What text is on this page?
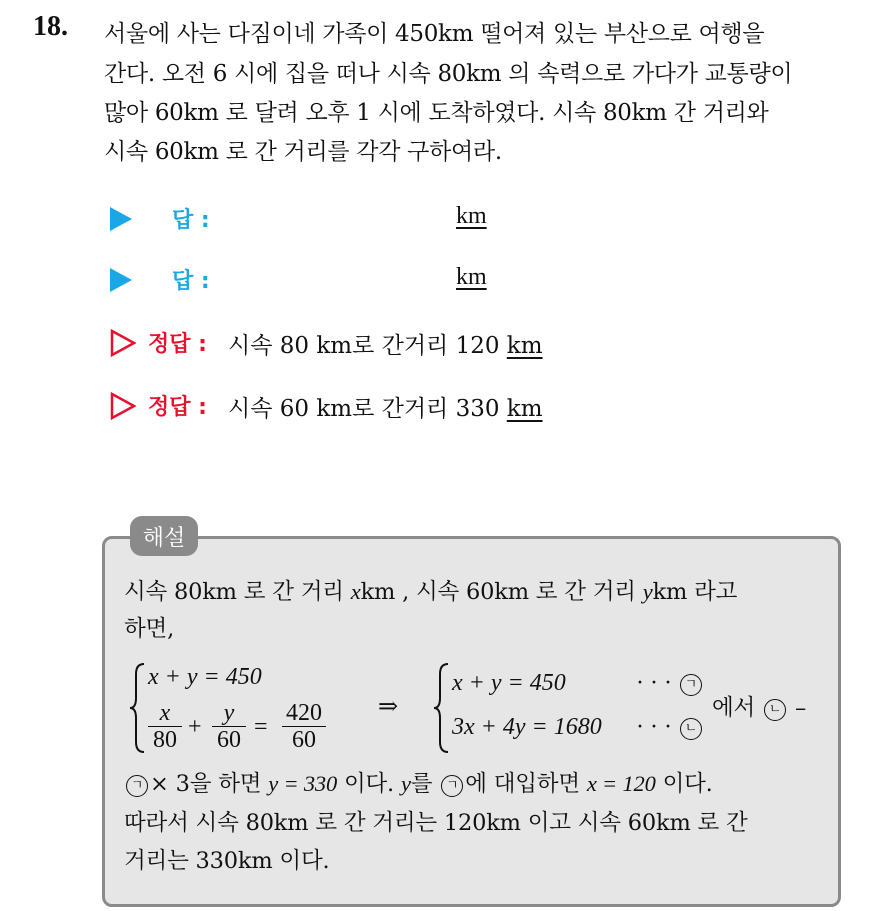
18. 서울에 사는 다짐이네 가족이 450km 떨어져 있는 부산으로 여행을
간다. 오전 6 시에 집을 떠나 시속 80km 의 속력으로 가다가 교통량이
많아 60km 로 달려 오후 1 시에 도착하였다. 시속 80km 간 거리와
시속 60km 로 간 거리를 각각 구하여라.
답 :	km
답 :	km
정답 : 시속 80 km로 간거리 120 km
정답 : 시속 60 km로 간거리 330 km
해설
시속 80km 로 간 거리 xkm , 시속 60km 로 간 거리 ykm 라고
하면,
x + y = 450
$\frac{x}{80} + \frac{y}{60} = \frac{420}{60}$ ⇒
x + y = 450
3x + 4y = 1680
· · · ㄱ
· · · ㄴ
에서 ㄴ –
ㄱ × 3을 하면 y = 330 이다. y를 ㄱ 에 대입하면 x = 120 이다.
따라서 시속 80km 로 간 거리는 120km 이고 시속 60km 로 간
거리는 330km 이다.
